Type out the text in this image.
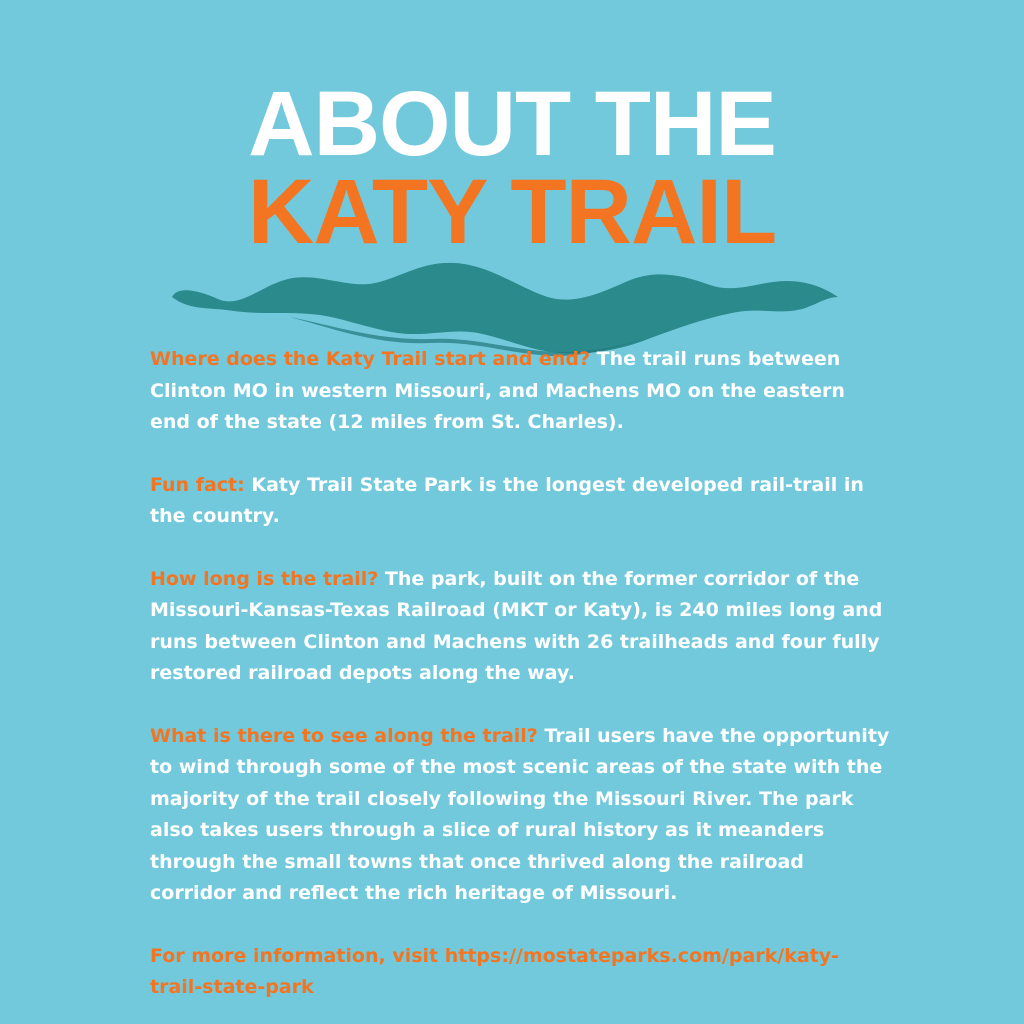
ABOUT THE
KATY TRAIL

Where does the Katy Trail start and end? The trail runs between Clinton MO in western Missouri, and Machens MO on the eastern end of the state (12 miles from St. Charles).

Fun fact: Katy Trail State Park is the longest developed rail-trail in the country.

How long is the trail? The park, built on the former corridor of the Missouri-Kansas-Texas Railroad (MKT or Katy), is 240 miles long and runs between Clinton and Machens with 26 trailheads and four fully restored railroad depots along the way.

What is there to see along the trail? Trail users have the opportunity to wind through some of the most scenic areas of the state with the majority of the trail closely following the Missouri River. The park also takes users through a slice of rural history as it meanders through the small towns that once thrived along the railroad corridor and reflect the rich heritage of Missouri.

For more information, visit https://mostateparks.com/park/katy-trail-state-park
